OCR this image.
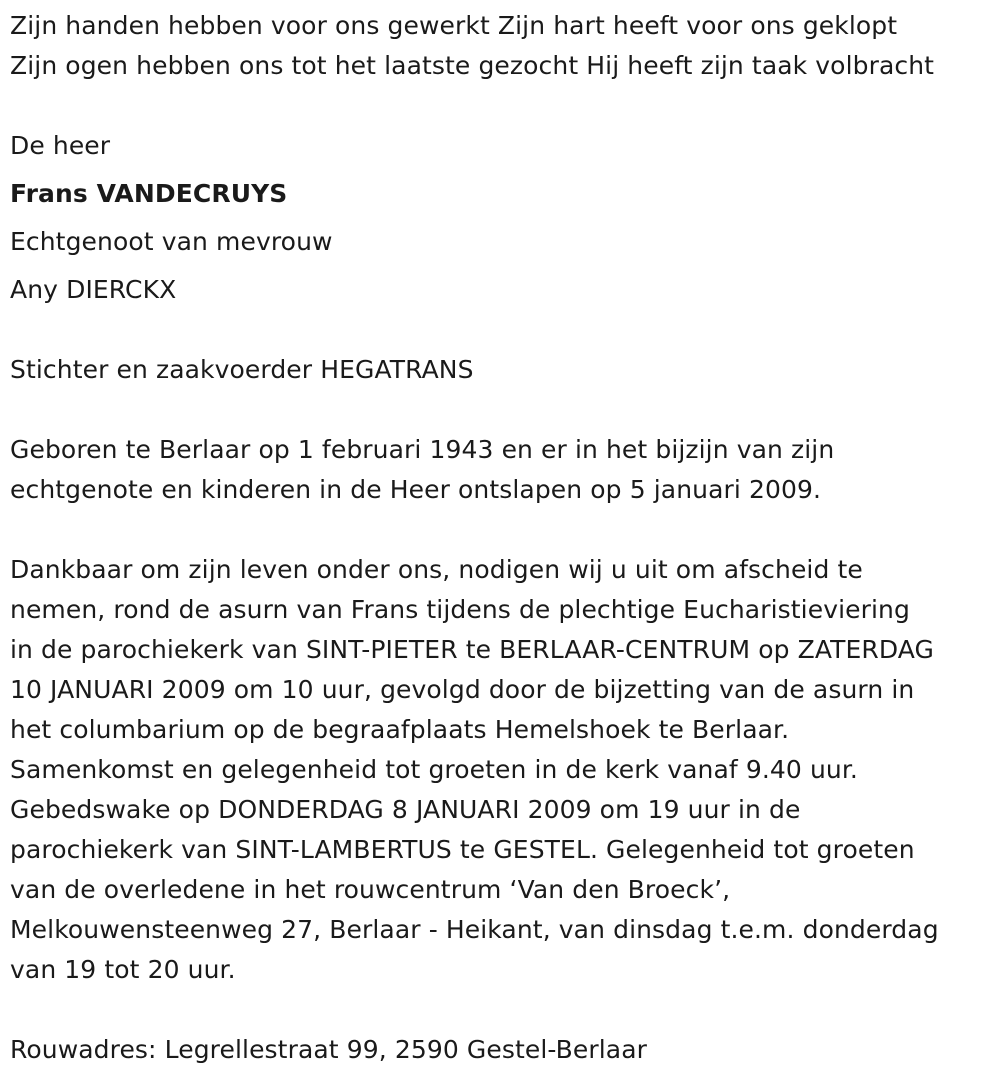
Zijn handen hebben voor ons gewerkt Zijn hart heeft voor ons geklopt
Zijn ogen hebben ons tot het laatste gezocht Hij heeft zijn taak volbracht
De heer
Frans VANDECRUYS
Echtgenoot van mevrouw
Any DIERCKX
Stichter en zaakvoerder HEGATRANS
Geboren te Berlaar op 1 februari 1943 en er in het bijzijn van zijn
echtgenote en kinderen in de Heer ontslapen op 5 januari 2009.
Dankbaar om zijn leven onder ons, nodigen wij u uit om afscheid te
nemen, rond de asurn van Frans tijdens de plechtige Eucharistieviering
in de parochiekerk van SINT-PIETER te BERLAAR-CENTRUM op ZATERDAG
10 JANUARI 2009 om 10 uur, gevolgd door de bijzetting van de asurn in
het columbarium op de begraafplaats Hemelshoek te Berlaar.
Samenkomst en gelegenheid tot groeten in de kerk vanaf 9.40 uur.
Gebedswake op DONDERDAG 8 JANUARI 2009 om 19 uur in de
parochiekerk van SINT-LAMBERTUS te GESTEL. Gelegenheid tot groeten
van de overledene in het rouwcentrum ‘Van den Broeck’,
Melkouwensteenweg 27, Berlaar - Heikant, van dinsdag t.e.m. donderdag
van 19 tot 20 uur.
Rouwadres: Legrellestraat 99, 2590 Gestel-Berlaar
